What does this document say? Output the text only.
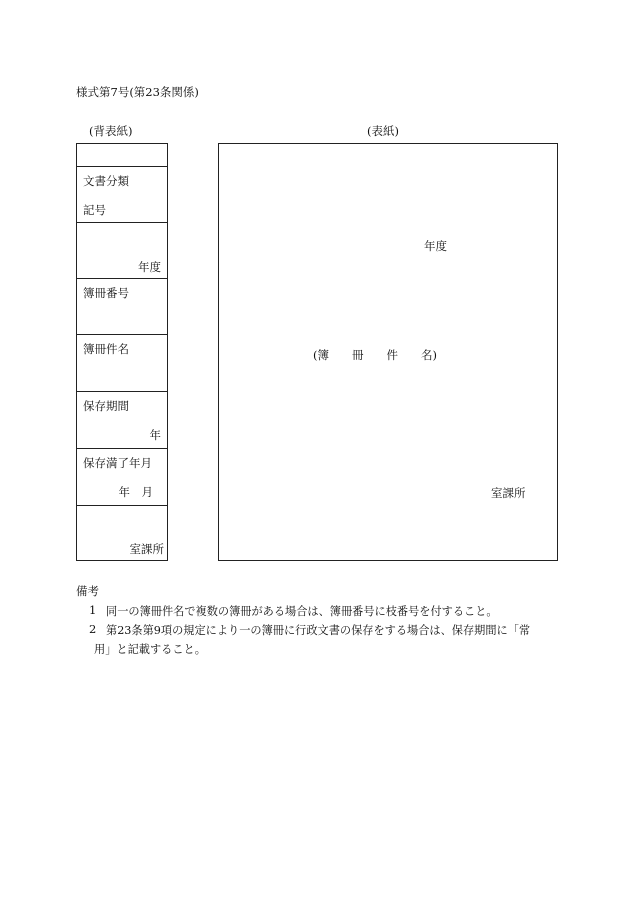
様式第7号(第23条関係)
(背表紙)
文書分類
記号
年度
簿冊番号
簿冊件名
保存期間
年
保存満了年月
年　月
室課所
(表紙)
年度
(簿　　冊　　件　　名)
室課所
備考
1 同一の簿冊件名で複数の簿冊がある場合は、簿冊番号に枝番号を付すること。
2 第23条第9項の規定により一の簿冊に行政文書の保存をする場合は、保存期間に「常
用」と記載すること。
